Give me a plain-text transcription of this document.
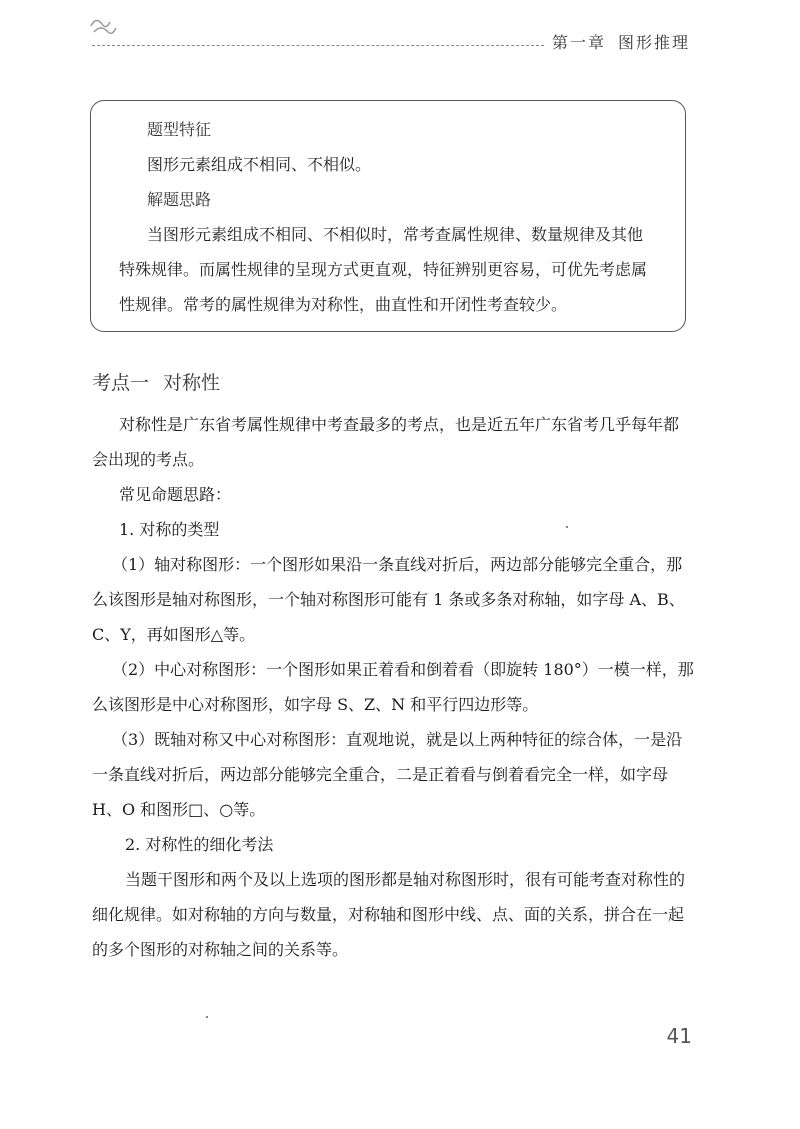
第一章 图形推理
题型特征
图形元素组成不相同、不相似。
解题思路
当图形元素组成不相同、不相似时，常考查属性规律、数量规律及其他
特殊规律。而属性规律的呈现方式更直观，特征辨别更容易，可优先考虑属
性规律。常考的属性规律为对称性，曲直性和开闭性考查较少。
考点一 对称性
对称性是广东省考属性规律中考查最多的考点，也是近五年广东省考几乎每年都
会出现的考点。
常见命题思路：
1. 对称的类型
（1）轴对称图形：一个图形如果沿一条直线对折后，两边部分能够完全重合，那
么该图形是轴对称图形，一个轴对称图形可能有 1 条或多条对称轴，如字母 A、B、
C、Y，再如图形△等。
（2）中心对称图形：一个图形如果正着看和倒着看（即旋转 180°）一模一样，那
么该图形是中心对称图形，如字母 S、Z、N 和平行四边形等。
（3）既轴对称又中心对称图形：直观地说，就是以上两种特征的综合体，一是沿
一条直线对折后，两边部分能够完全重合，二是正着看与倒着看完全一样，如字母
H、O 和图形□、○等。
2. 对称性的细化考法
当题干图形和两个及以上选项的图形都是轴对称图形时，很有可能考查对称性的
细化规律。如对称轴的方向与数量，对称轴和图形中线、点、面的关系，拼合在一起
的多个图形的对称轴之间的关系等。
41
